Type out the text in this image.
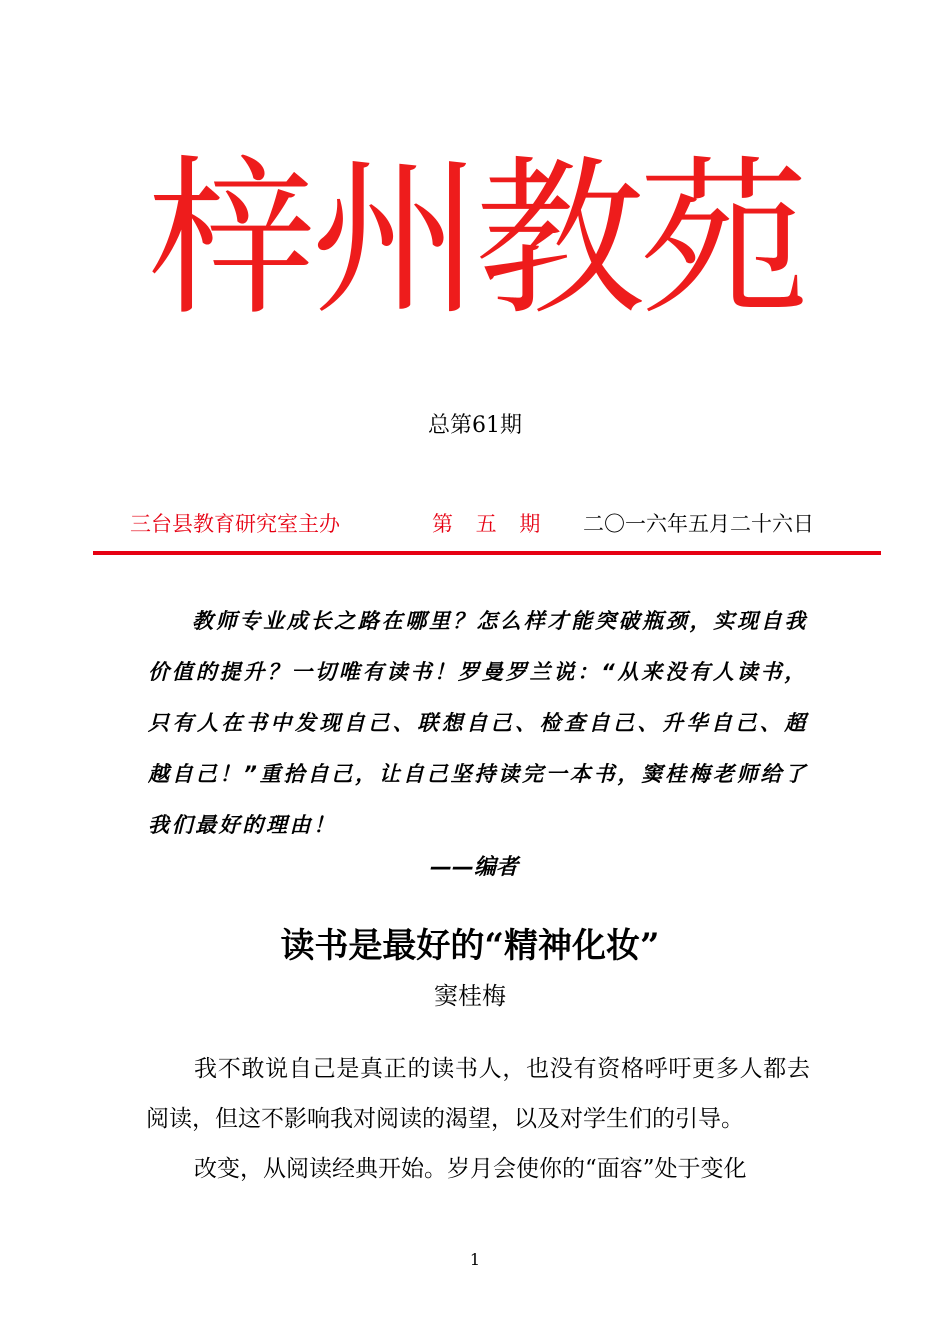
梓州教苑
总第61期
三台县教育研究室主办	第 五 期 二〇一六年五月二十六日
教师专业成长之路在哪里？怎么样才能突破瓶颈，实现自我价值的提升？一切唯有读书！罗曼罗兰说：“从来没有人读书，只有人在书中发现自己、联想自己、检查自己、升华自己、超越自己！”重拾自己，让自己坚持读完一本书，窦桂梅老师给了我们最好的理由！
——编者
读书是最好的“精神化妆”
窦桂梅

我不敢说自己是真正的读书人，也没有资格呼吁更多人都去阅读，但这不影响我对阅读的渴望，以及对学生们的引导。

改变，从阅读经典开始。岁月会使你的“面容”处于变化

1
